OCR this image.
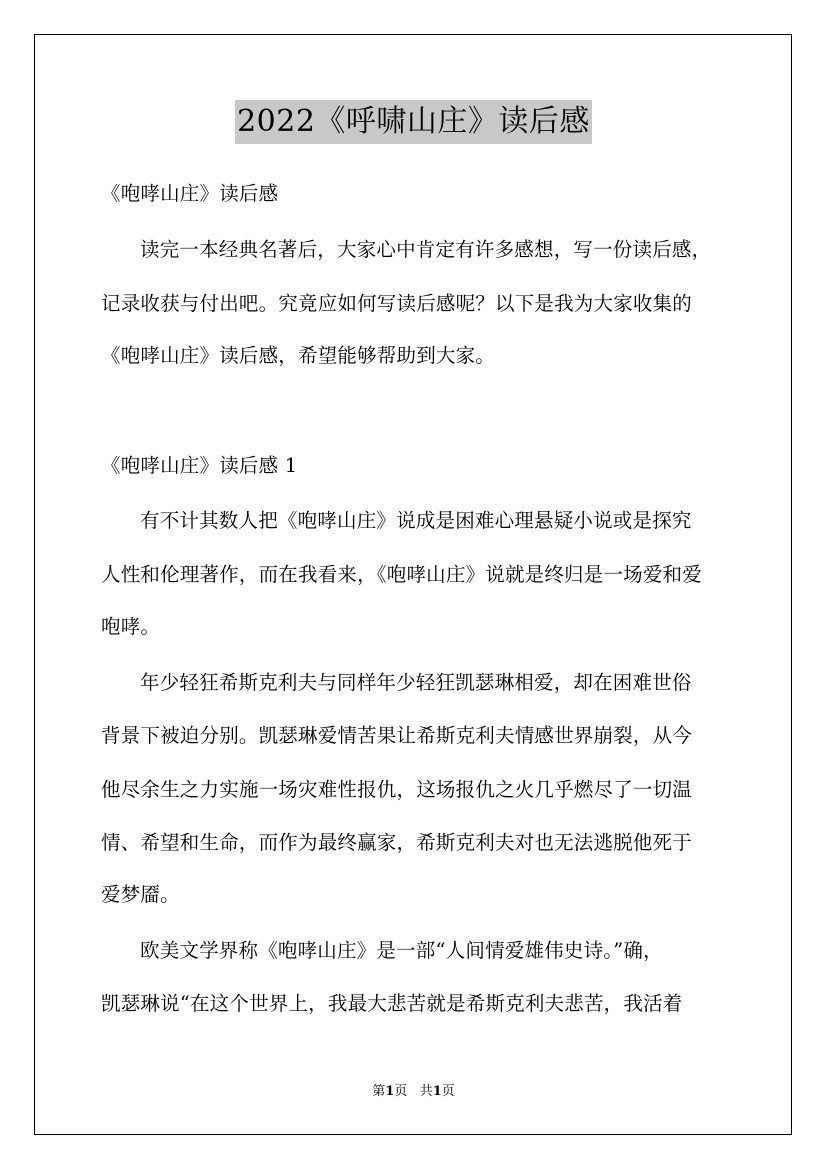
2022《呼啸山庄》读后感
《咆哮山庄》读后感
读完一本经典名著后，大家心中肯定有许多感想，写一份读后感，
记录收获与付出吧。究竟应如何写读后感呢？以下是我为大家收集的
《咆哮山庄》读后感，希望能够帮助到大家。
《咆哮山庄》读后感 1
有不计其数人把《咆哮山庄》说成是困难心理悬疑小说或是探究
人性和伦理著作，而在我看来，《咆哮山庄》说就是终归是一场爱和爱
咆哮。
年少轻狂希斯克利夫与同样年少轻狂凯瑟琳相爱，却在困难世俗
背景下被迫分别。凯瑟琳爱情苦果让希斯克利夫情感世界崩裂，从今
他尽余生之力实施一场灾难性报仇，这场报仇之火几乎燃尽了一切温
情、希望和生命，而作为最终赢家，希斯克利夫对也无法逃脱他死于
爱梦靥。
欧美文学界称《咆哮山庄》是一部“人间情爱雄伟史诗。”确，
凯瑟琳说“在这个世界上，我最大悲苦就是希斯克利夫悲苦，我活着
第1页 共1页
